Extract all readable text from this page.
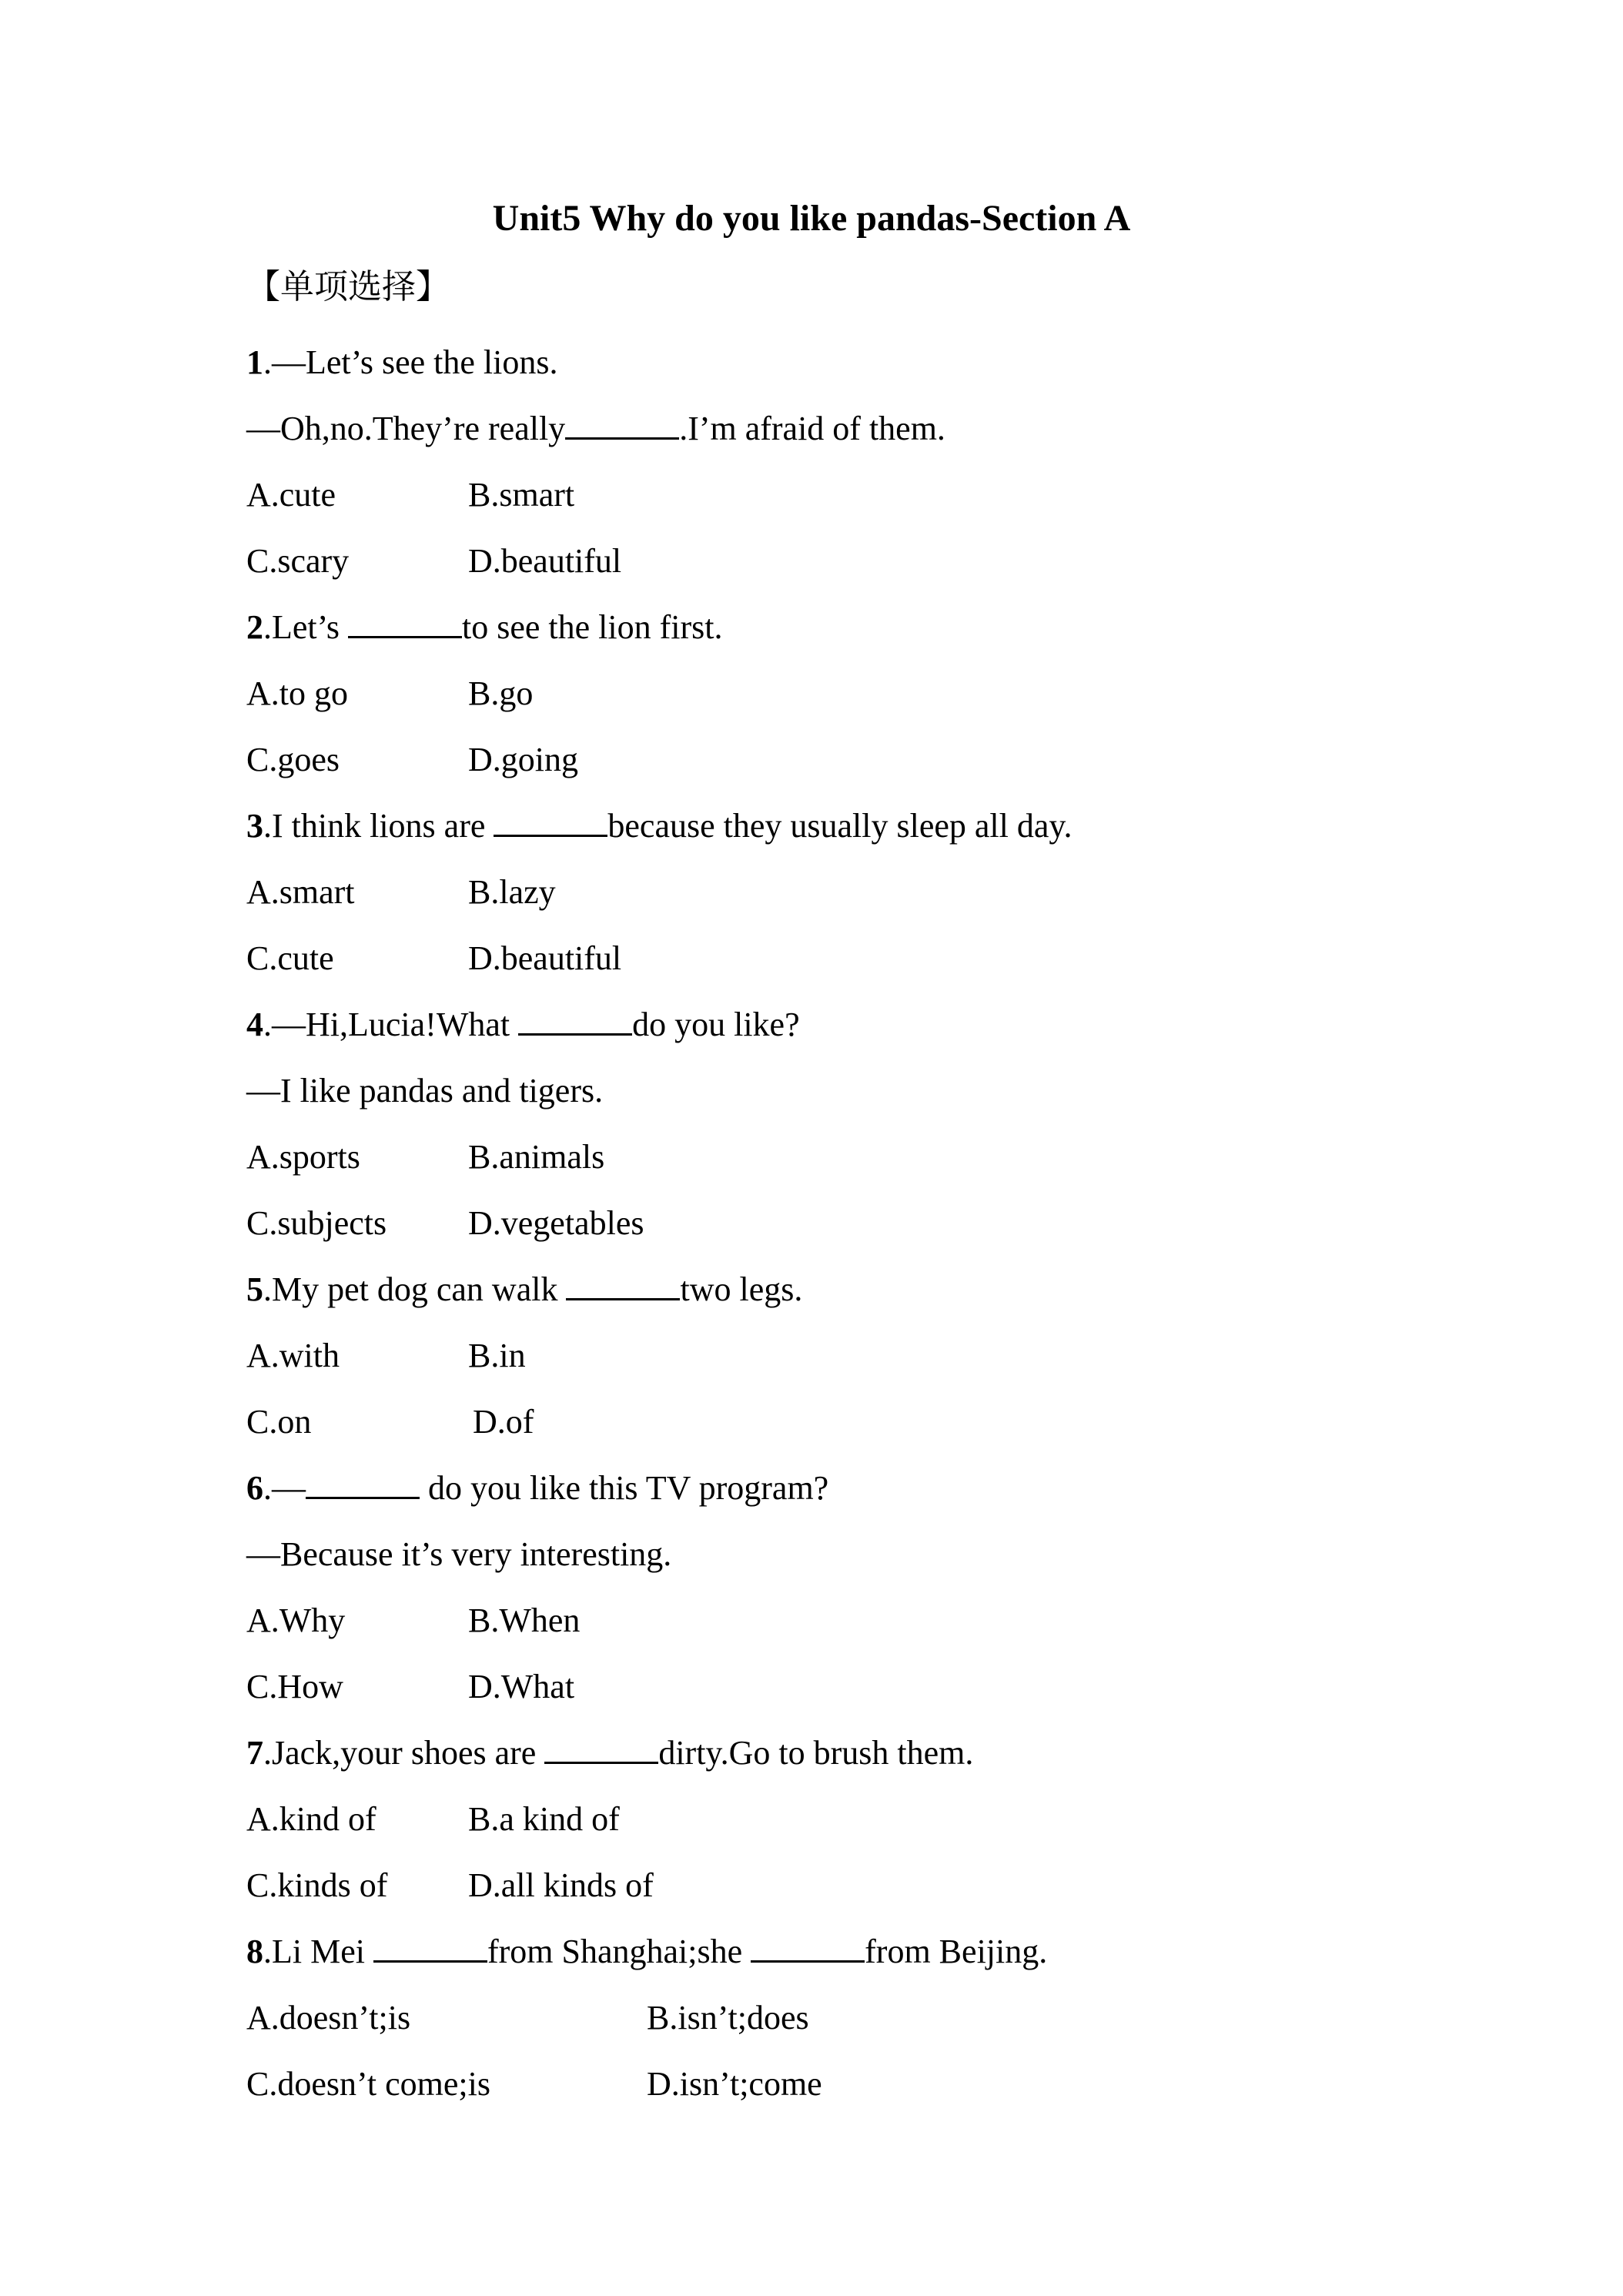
Unit5 Why do you like pandas-Section A
【单项选择】
1.—Let’s see the lions.
—Oh,no.They’re really	.I’m afraid of them.
A.cute	B.smart
C.scary	D.beautiful
2.Let’s	to see the lion first.
A.to go	B.go
C.goes	D.going
3.I think lions are	because they usually sleep all day.
A.smart	B.lazy
C.cute	D.beautiful
4.—Hi,Lucia!What	do you like?
—I like pandas and tigers.
A.sports	B.animals
C.subjects D.vegetables
5.My pet dog can walk	two legs.
A.with	B.in
C.on	D.of
6.—	do you like this TV program?
—Because it’s very interesting.
A.Why	B.When
C.How	D.What
7.Jack,your shoes are	dirty.Go to brush them.
A.kind of	B.a kind of
C.kinds of D.all kinds of
8.Li Mei	from Shanghai;she	from Beijing.
A.doesn’t;is	B.isn’t;does
C.doesn’t come;is	D.isn’t;come
